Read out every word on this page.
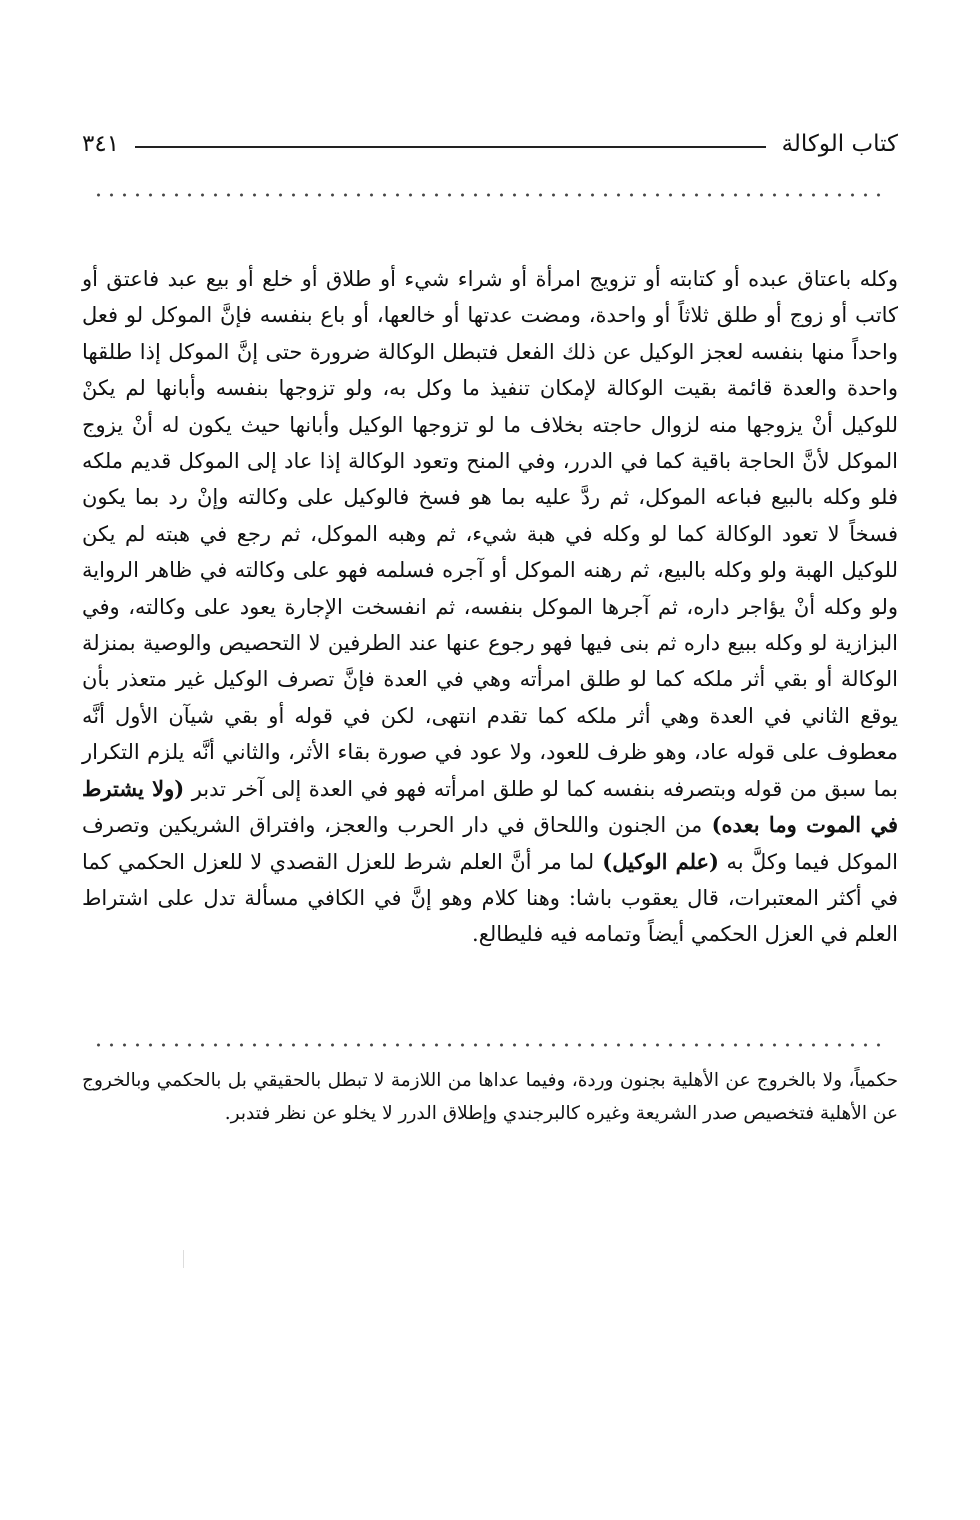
كتاب الوكالة
٣٤١
وكله باعتاق عبده أو كتابته أو تزويج امرأة أو شراء شيء أو طلاق أو خلع أو بيع عبد فاعتق أو كاتب أو زوج أو طلق ثلاثاً أو واحدة، ومضت عدتها أو خالعها، أو باع بنفسه فإنَّ الموكل لو فعل واحداً منها بنفسه لعجز الوكيل عن ذلك الفعل فتبطل الوكالة ضرورة حتى إنَّ الموكل إذا طلقها واحدة والعدة قائمة بقيت الوكالة لإمكان تنفيذ ما وكل به، ولو تزوجها بنفسه وأبانها لم يكنْ للوكيل أنْ يزوجها منه لزوال حاجته بخلاف ما لو تزوجها الوكيل وأبانها حيث يكون له أنْ يزوج الموكل لأنَّ الحاجة باقية كما في الدرر، وفي المنح وتعود الوكالة إذا عاد إلى الموكل قديم ملكه فلو وكله بالبيع فباعه الموكل، ثم ردَّ عليه بما هو فسخ فالوكيل على وكالته وإنْ رد بما يكون فسخاً لا تعود الوكالة كما لو وكله في هبة شيء، ثم وهبه الموكل، ثم رجع في هبته لم يكن للوكيل الهبة ولو وكله بالبيع، ثم رهنه الموكل أو آجره فسلمه فهو على وكالته في ظاهر الرواية ولو وكله أنْ يؤاجر داره، ثم آجرها الموكل بنفسه، ثم انفسخت الإجارة يعود على وكالته، وفي البزازية لو وكله ببيع داره ثم بنى فيها فهو رجوع عنها عند الطرفين لا التحصيص والوصية بمنزلة الوكالة أو بقي أثر ملكه كما لو طلق امرأته وهي في العدة فإنَّ تصرف الوكيل غير متعذر بأن يوقع الثاني في العدة وهي أثر ملكه كما تقدم انتهى، لكن في قوله أو بقي شيآن الأول أنَّه معطوف على قوله عاد، وهو ظرف للعود، ولا عود في صورة بقاء الأثر، والثاني أنَّه يلزم التكرار بما سبق من قوله وبتصرفه بنفسه كما لو طلق امرأته فهو في العدة إلى آخر تدبر (ولا يشترط في الموت وما بعده) من الجنون واللحاق في دار الحرب والعجز، وافتراق الشريكين وتصرف الموكل فيما وكلَّ به (علم الوكيل) لما مر أنَّ العلم شرط للعزل القصدي لا للعزل الحكمي كما في أكثر المعتبرات، قال يعقوب باشا: وهنا كلام وهو إنَّ في الكافي مسألة تدل على اشتراط العلم في العزل الحكمي أيضاً وتمامه فيه فليطالع.
حكمياً، ولا بالخروج عن الأهلية بجنون وردة، وفيما عداها من اللازمة لا تبطل بالحقيقي بل بالحكمي وبالخروج عن الأهلية فتخصيص صدر الشريعة وغيره كالبرجندي وإطلاق الدرر لا يخلو عن نظر فتدبر.
